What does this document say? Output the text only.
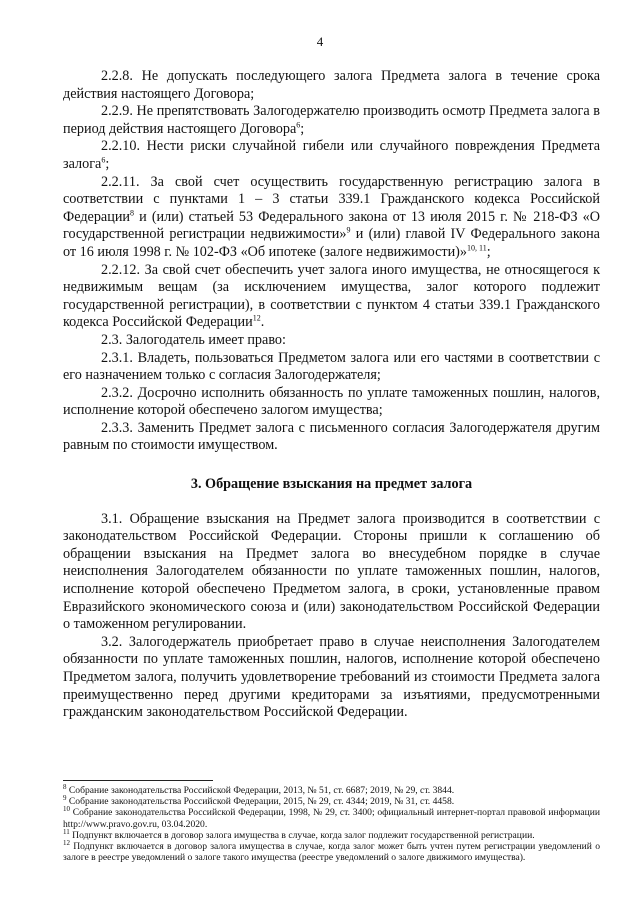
4

2.2.8. Не допускать последующего залога Предмета залога в течение срока действия настоящего Договора;

2.2.9. Не препятствовать Залогодержателю производить осмотр Предмета залога в период действия настоящего Договора$^6$;

2.2.10. Нести риски случайной гибели или случайного повреждения Предмета залога$^6$;

2.2.11. За свой счет осуществить государственную регистрацию залога в соответствии с пунктами 1 – 3 статьи 339.1 Гражданского кодекса Российской Федерации$^8$ и (или) статьей 53 Федерального закона от 13 июля 2015 г. № 218-ФЗ «О государственной регистрации недвижимости»$^9$ и (или) главой IV Федерального закона от 16 июля 1998 г. № 102-ФЗ «Об ипотеке (залоге недвижимости)»$^{10, 11}$;

2.2.12. За свой счет обеспечить учет залога иного имущества, не относящегося к недвижимым вещам (за исключением имущества, залог которого подлежит государственной регистрации), в соответствии с пунктом 4 статьи 339.1 Гражданского кодекса Российской Федерации$^{12}$.

2.3. Залогодатель имеет право:

2.3.1. Владеть, пользоваться Предметом залога или его частями в соответствии с его назначением только с согласия Залогодержателя;

2.3.2. Досрочно исполнить обязанность по уплате таможенных пошлин, налогов, исполнение которой обеспечено залогом имущества;

2.3.3. Заменить Предмет залога с письменного согласия Залогодержателя другим равным по стоимости имуществом.

3. Обращение взыскания на предмет залога

3.1. Обращение взыскания на Предмет залога производится в соответствии с законодательством Российской Федерации. Стороны пришли к соглашению об обращении взыскания на Предмет залога во внесудебном порядке в случае неисполнения Залогодателем обязанности по уплате таможенных пошлин, налогов, исполнение которой обеспечено Предметом залога, в сроки, установленные правом Евразийского экономического союза и (или) законодательством Российской Федерации о таможенном регулировании.

3.2. Залогодержатель приобретает право в случае неисполнения Залогодателем обязанности по уплате таможенных пошлин, налогов, исполнение которой обеспечено Предметом залога, получить удовлетворение требований из стоимости Предмета залога преимущественно перед другими кредиторами за изъятиями, предусмотренными гражданским законодательством Российской Федерации.

$^8$ Собрание законодательства Российской Федерации, 2013, № 51, ст. 6687; 2019, № 29, ст. 3844.

$^9$ Собрание законодательства Российской Федерации, 2015, № 29, ст. 4344; 2019, № 31, ст. 4458.

$^{10}$ Собрание законодательства Российской Федерации, 1998, № 29, ст. 3400; официальный интернет-портал правовой информации http://www.pravo.gov.ru, 03.04.2020.

$^{11}$ Подпункт включается в договор залога имущества в случае, когда залог подлежит государственной регистрации.

$^{12}$ Подпункт включается в договор залога имущества в случае, когда залог может быть учтен путем регистрации уведомлений о залоге в реестре уведомлений о залоге такого имущества (реестре уведомлений о залоге движимого имущества).
